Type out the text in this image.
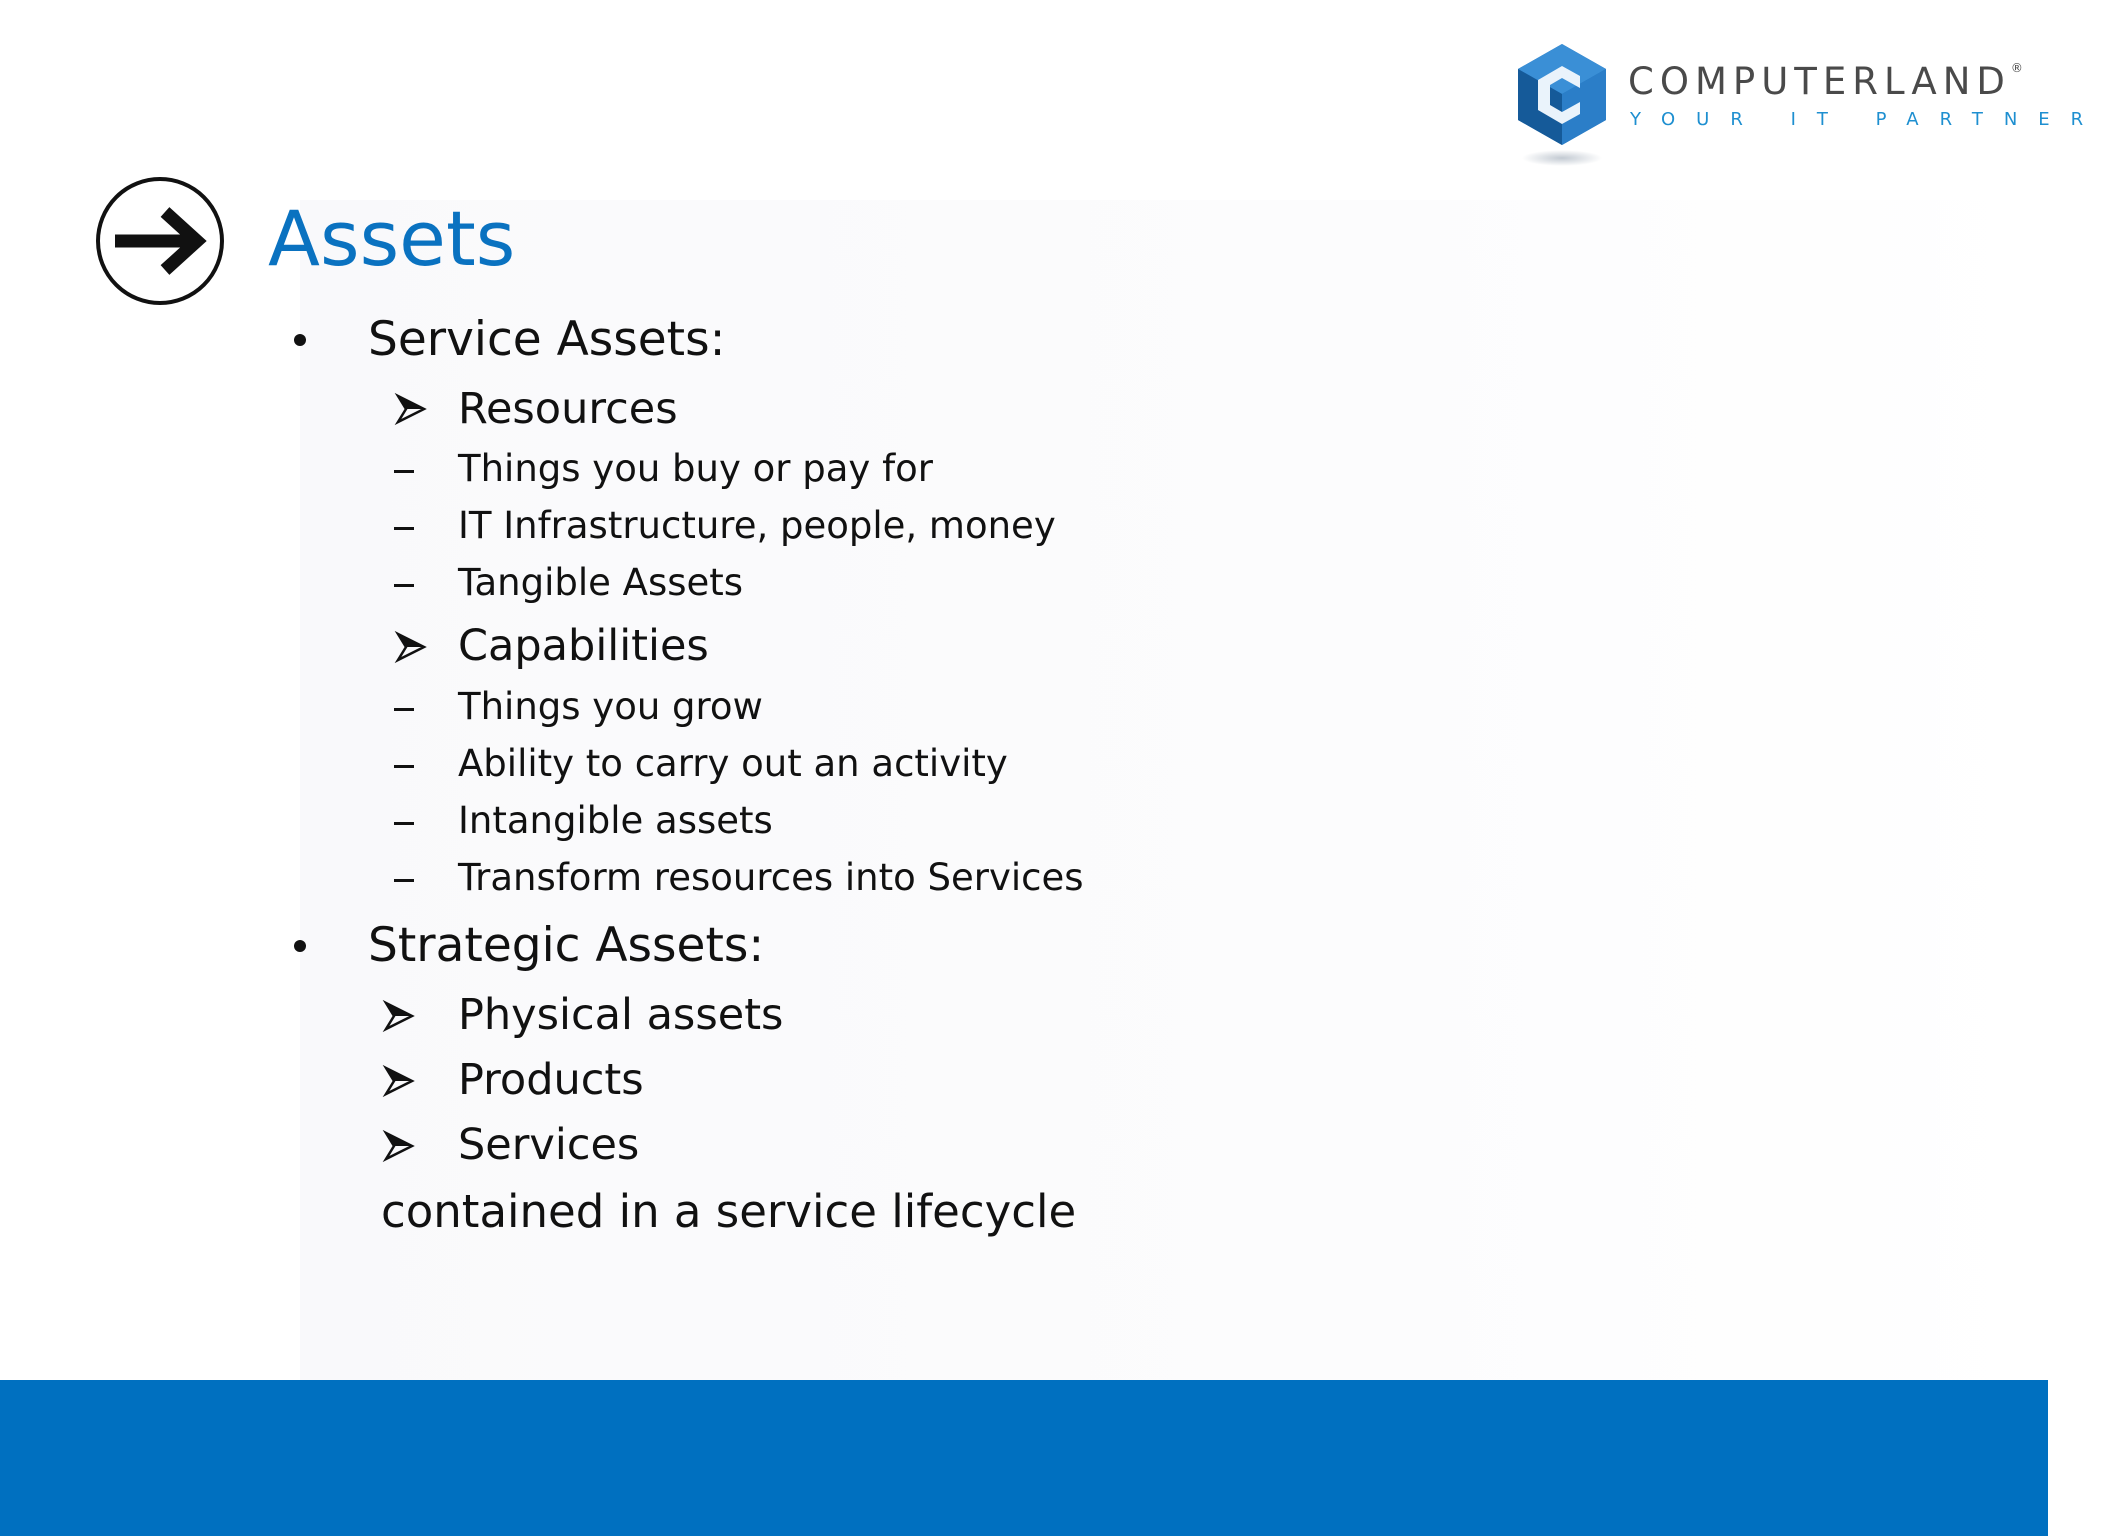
COMPUTERLAND®
YOUR IT PARTNER
Assets
Service Assets:
Resources
Things you buy or pay for
IT Infrastructure, people, money
Tangible Assets
Capabilities
Things you grow
Ability to carry out an activity
Intangible assets
Transform resources into Services
Strategic Assets:
Physical assets
Products
Services
contained in a service lifecycle
